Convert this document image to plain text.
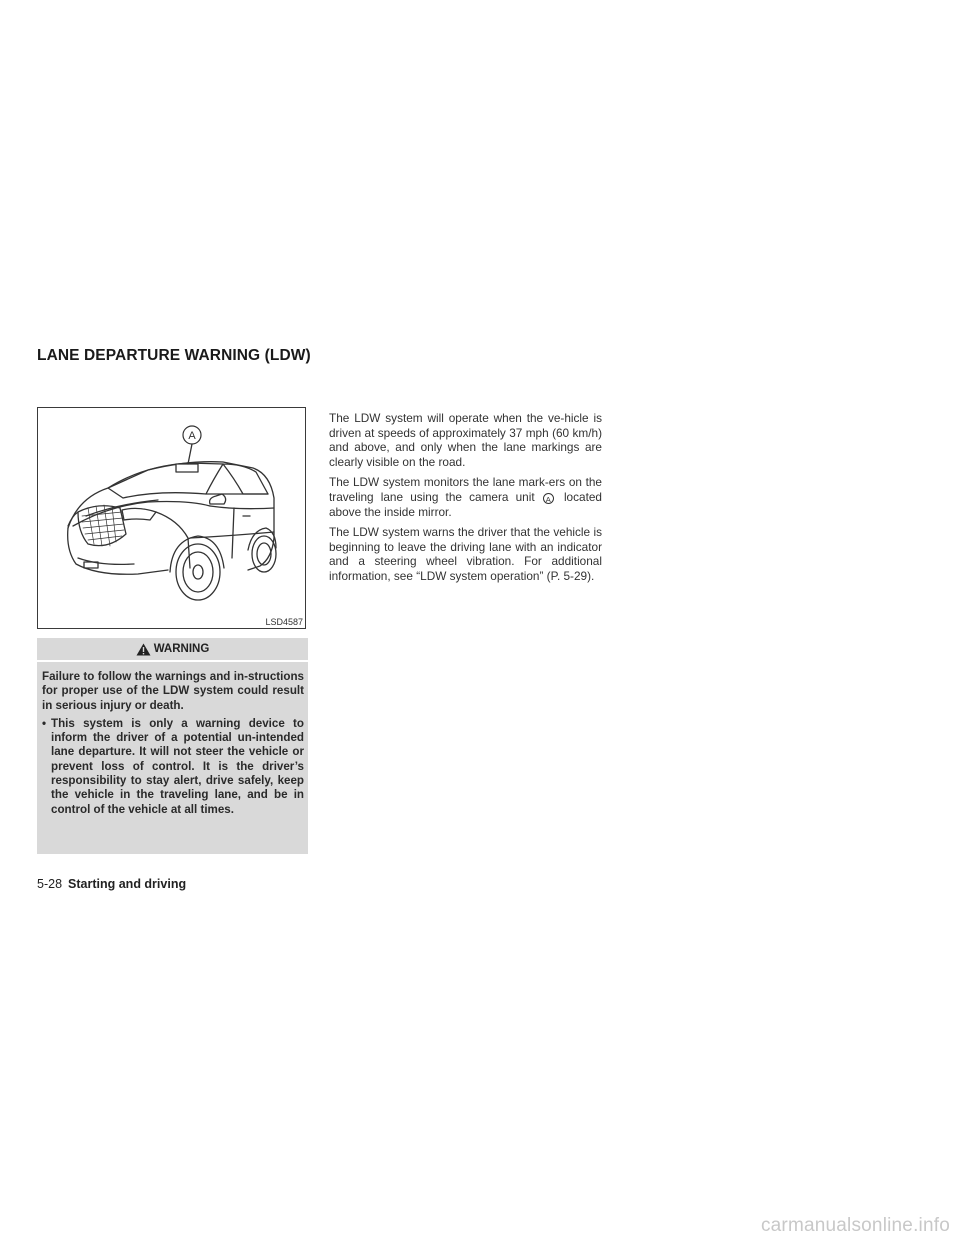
LANE DEPARTURE WARNING (LDW)
A
LSD4587
WARNING

Failure to follow the warnings and in-structions for proper use of the LDW system could result in serious injury or death.

• This system is only a warning device to inform the driver of a potential un-intended lane departure. It will not steer the vehicle or prevent loss of control. It is the driver’s responsibility to stay alert, drive safely, keep the vehicle in the traveling lane, and be in control of the vehicle at all times.

The LDW system will operate when the ve-hicle is driven at speeds of approximately 37 mph (60 km/h) and above, and only when the lane markings are clearly visible on the road.

The LDW system monitors the lane mark-ers on the traveling lane using the camera unit A located above the inside mirror.

The LDW system warns the driver that the vehicle is beginning to leave the driving lane with an indicator and a steering wheel vibration. For additional information, see “LDW system operation” (P. 5-29).

5-28 Starting and driving
carmanualsonline.info
